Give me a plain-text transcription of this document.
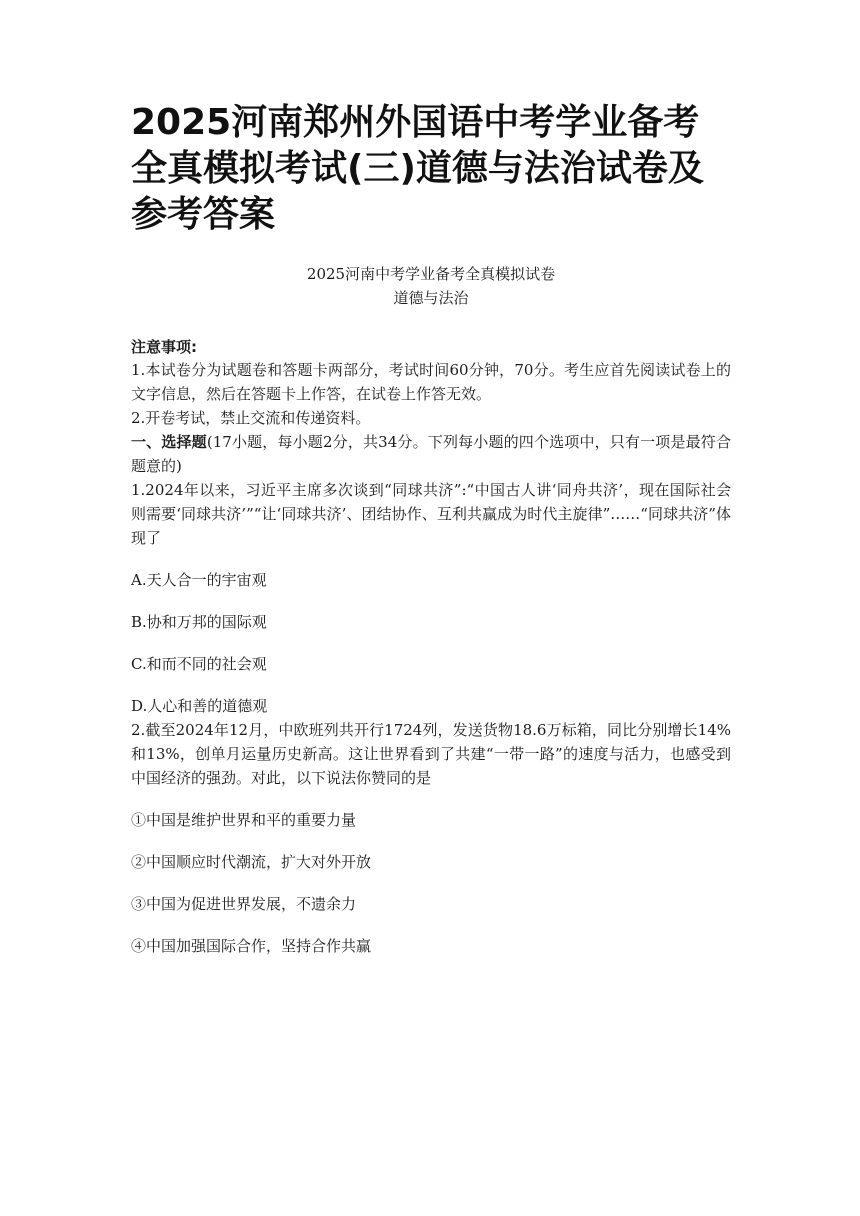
2025河南郑州外国语中考学业备考全真模拟考试(三)道德与法治试卷及参考答案
2025河南中考学业备考全真模拟试卷
道德与法治
注意事项:

1.本试卷分为试题卷和答题卡两部分，考试时间60分钟，70分。考生应首先阅读试卷上的文字信息，然后在答题卡上作答，在试卷上作答无效。

2.开卷考试，禁止交流和传递资料。

一、选择题(17小题，每小题2分，共34分。下列每小题的四个选项中，只有一项是最符合题意的)

1.2024年以来，习近平主席多次谈到“同球共济”:“中国古人讲‘同舟共济’，现在国际社会则需要‘同球共济’”“让‘同球共济’、团结协作、互利共赢成为时代主旋律”……“同球共济”体现了

A.天人合一的宇宙观
B.协和万邦的国际观
C.和而不同的社会观
D.人心和善的道德观

2.截至2024年12月，中欧班列共开行1724列，发送货物18.6万标箱，同比分别增长14%和13%，创单月运量历史新高。这让世界看到了共建“一带一路”的速度与活力，也感受到中国经济的强劲。对此，以下说法你赞同的是

①中国是维护世界和平的重要力量
②中国顺应时代潮流，扩大对外开放
③中国为促进世界发展，不遗余力
④中国加强国际合作，坚持合作共赢
